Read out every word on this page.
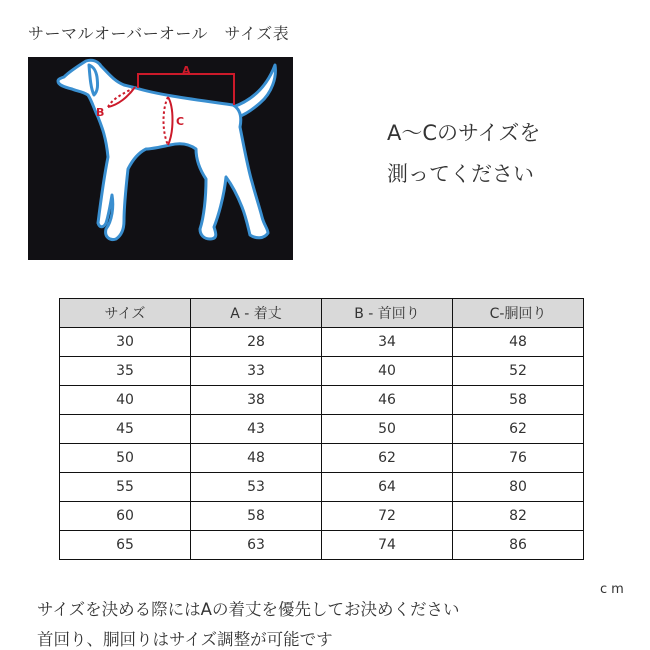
サーマルオーバーオール　サイズ表
A
B
C	A～Cのサイズを
測ってください
サイズ	A - 着丈	B - 首回り	C-胴回り
30	28	34	48
35	33	40	52
40	38	46	58
45	43	50	62
50	48	62	76
55	53	64	80
60	58	72	82
65	63	74	86
cm
サイズを決める際にはAの着丈を優先してお決めください
首回り、胴回りはサイズ調整が可能です
